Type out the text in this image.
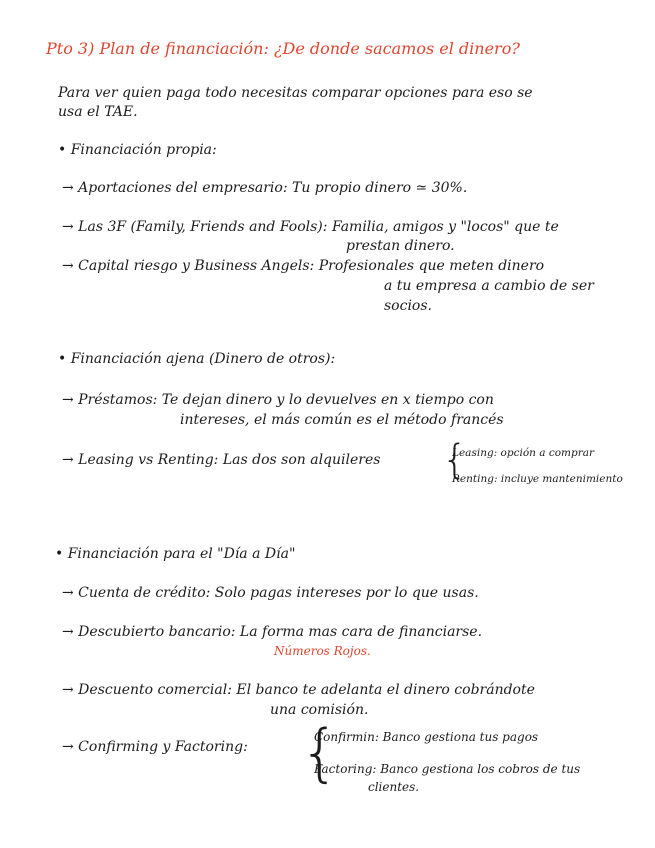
Pto 3) Plan de financiación: ¿De donde sacamos el dinero?
Para ver quien paga todo necesitas comparar opciones para eso se
usa el TAE.
• Financiación propia:
→ Aportaciones del empresario: Tu propio dinero ≃ 30%.
→ Las 3F (Family, Friends and Fools): Familia, amigos y "locos" que te
prestan dinero.
→ Capital riesgo y Business Angels: Profesionales que meten dinero
a tu empresa a cambio de ser
socios.
• Financiación ajena (Dinero de otros):
→ Préstamos: Te dejan dinero y lo devuelves en x tiempo con
intereses, el más común es el método francés
→ Leasing vs Renting: Las dos son alquileres {
Leasing: opción a comprar
Renting: incluye mantenimiento
• Financiación para el "Día a Día"
→ Cuenta de crédito: Solo pagas intereses por lo que usas.
→ Descubierto bancario: La forma mas cara de financiarse.
Números Rojos.
→ Descuento comercial: El banco te adelanta el dinero cobrándote
una comisión.
→ Confirming y Factoring: {
Confirmin: Banco gestiona tus pagos
Factoring: Banco gestiona los cobros de tus
clientes.
